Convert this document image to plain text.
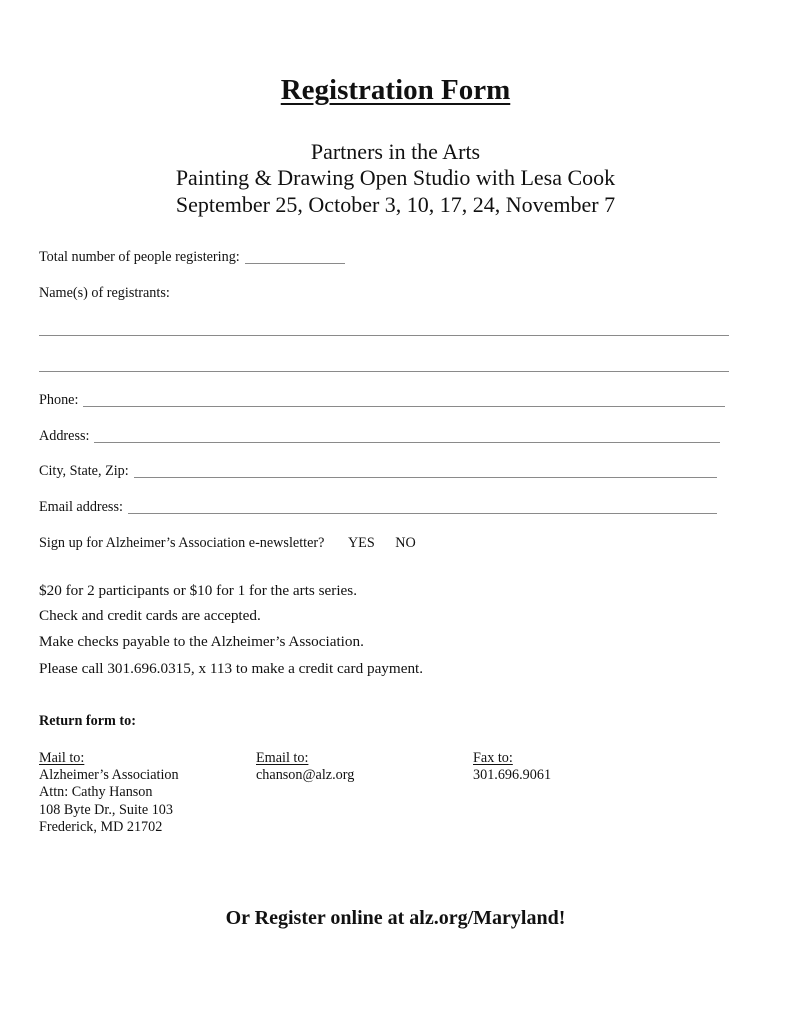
Registration Form
Partners in the Arts
Painting & Drawing Open Studio with Lesa Cook
September 25, October 3, 10, 17, 24, November 7
Total number of people registering:
Name(s) of registrants:
Phone:
Address:
City, State, Zip:
Email address:
Sign up for Alzheimer’s Association e-newsletter? YES NO
$20 for 2 participants or $10 for 1 for the arts series.
Check and credit cards are accepted.
Make checks payable to the Alzheimer’s Association.
Please call 301.696.0315, x 113 to make a credit card payment.
Return form to:
Mail to:
Alzheimer’s Association
Attn: Cathy Hanson
108 Byte Dr., Suite 103
Frederick, MD 21702
Email to:
chanson@alz.org
Fax to:
301.696.9061
Or Register online at alz.org/Maryland!
